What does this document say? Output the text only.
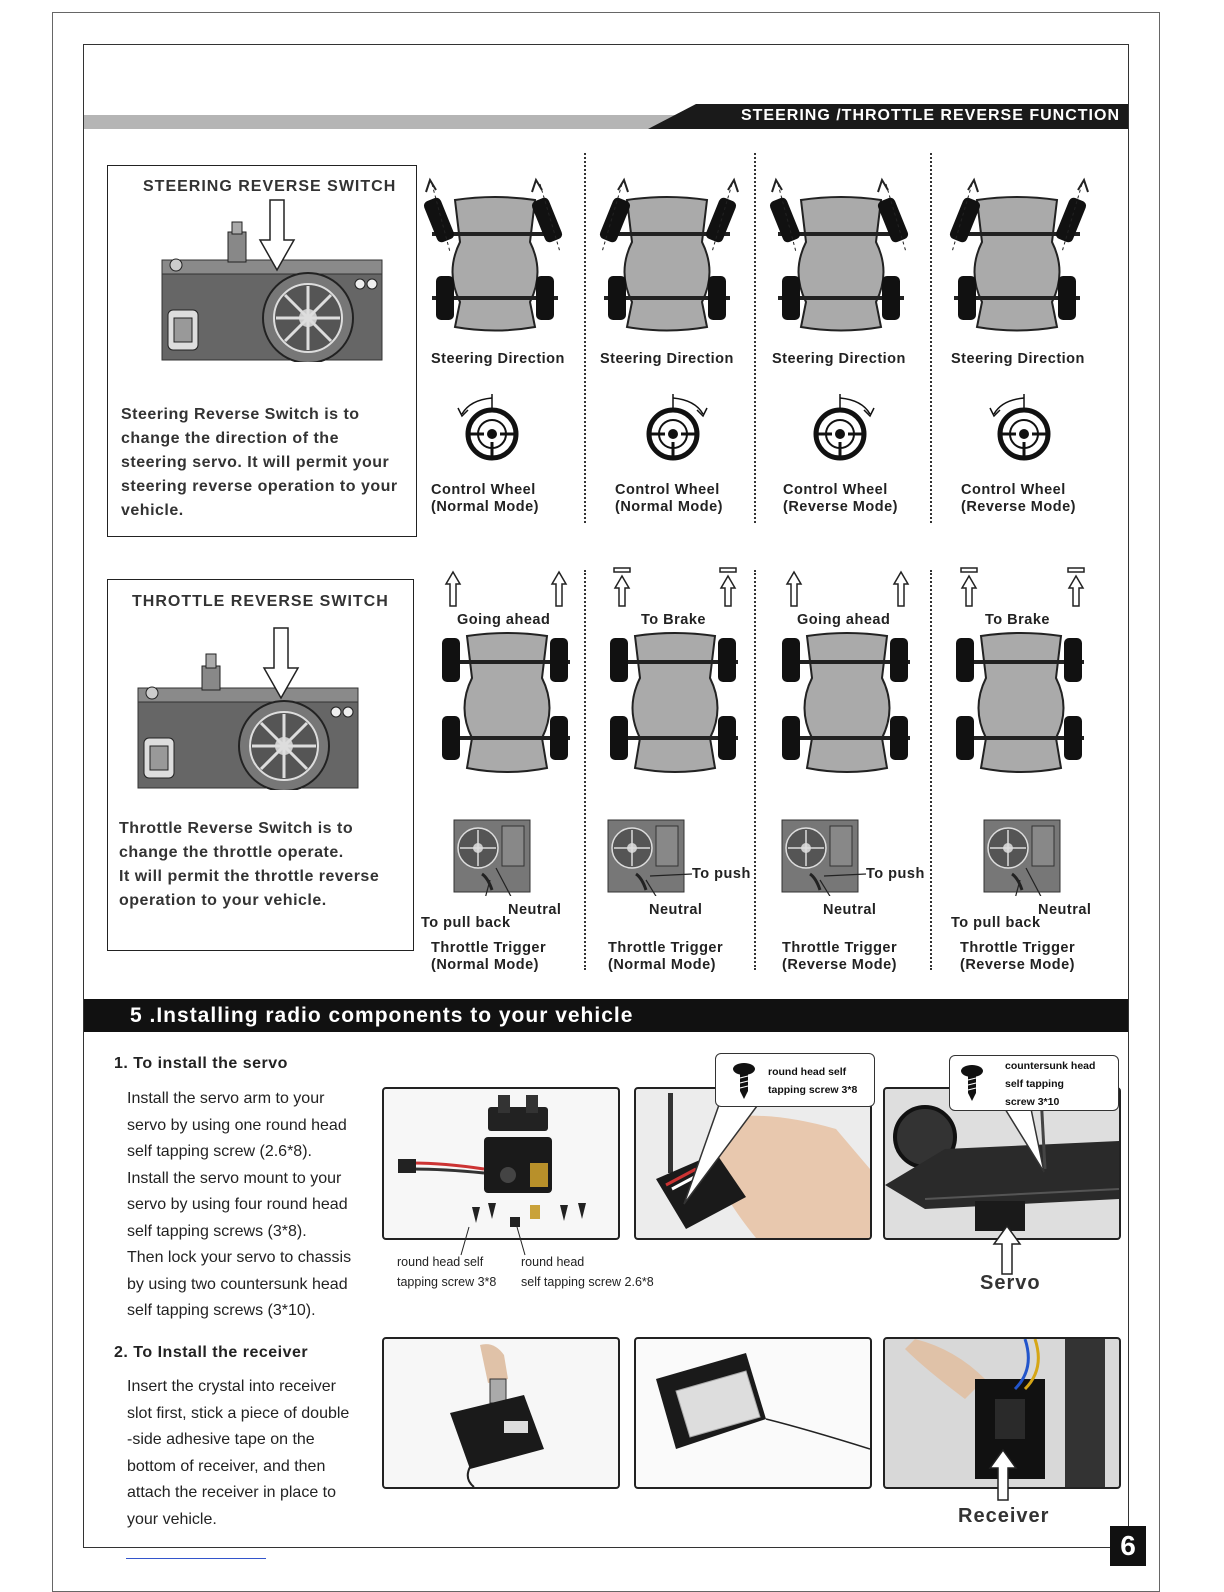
STEERING /THROTTLE REVERSE FUNCTION
STEERING REVERSE SWITCH
Steering Reverse Switch is to
change the direction of the
steering servo. It will permit your
steering reverse operation to your
vehicle.
Steering Direction Steering Direction	Steering Direction	Steering Direction
Control Wheel
(Normal Mode)
Control Wheel
(Normal Mode)
Control Wheel
(Reverse Mode)
Control Wheel
(Reverse Mode)
THROTTLE REVERSE SWITCH
Throttle Reverse Switch is to
change the throttle operate.
It will permit the throttle reverse
operation to your vehicle.
Going ahead	To Brake	Going ahead	To Brake
To push	To push
Neutral	Neutral	Neutral	Neutral
To pull back	To pull back
Throttle Trigger
(Normal Mode)
Throttle Trigger
(Normal Mode)
Throttle Trigger
(Reverse Mode)
Throttle Trigger
(Reverse Mode)
5 .Installing radio components to your vehicle
1. To install the servo
Install the servo arm to your
servo by using one round head
self tapping screw (2.6*8).
Install the servo mount to your
servo by using four round head
self tapping screws (3*8).
Then lock your servo to chassis
by using two countersunk head
self tapping screws (3*10).
round head self
tapping screw 3*8
round head
self tapping screw 2.6*8
round head self
tapping screw 3*8
countersunk head
self tapping
screw 3*10
Servo
2. To Install the receiver
Insert the crystal into receiver
slot first, stick a piece of double
-side adhesive tape on the
bottom of receiver, and then
attach the receiver in place to
your vehicle.	Receiver
6
